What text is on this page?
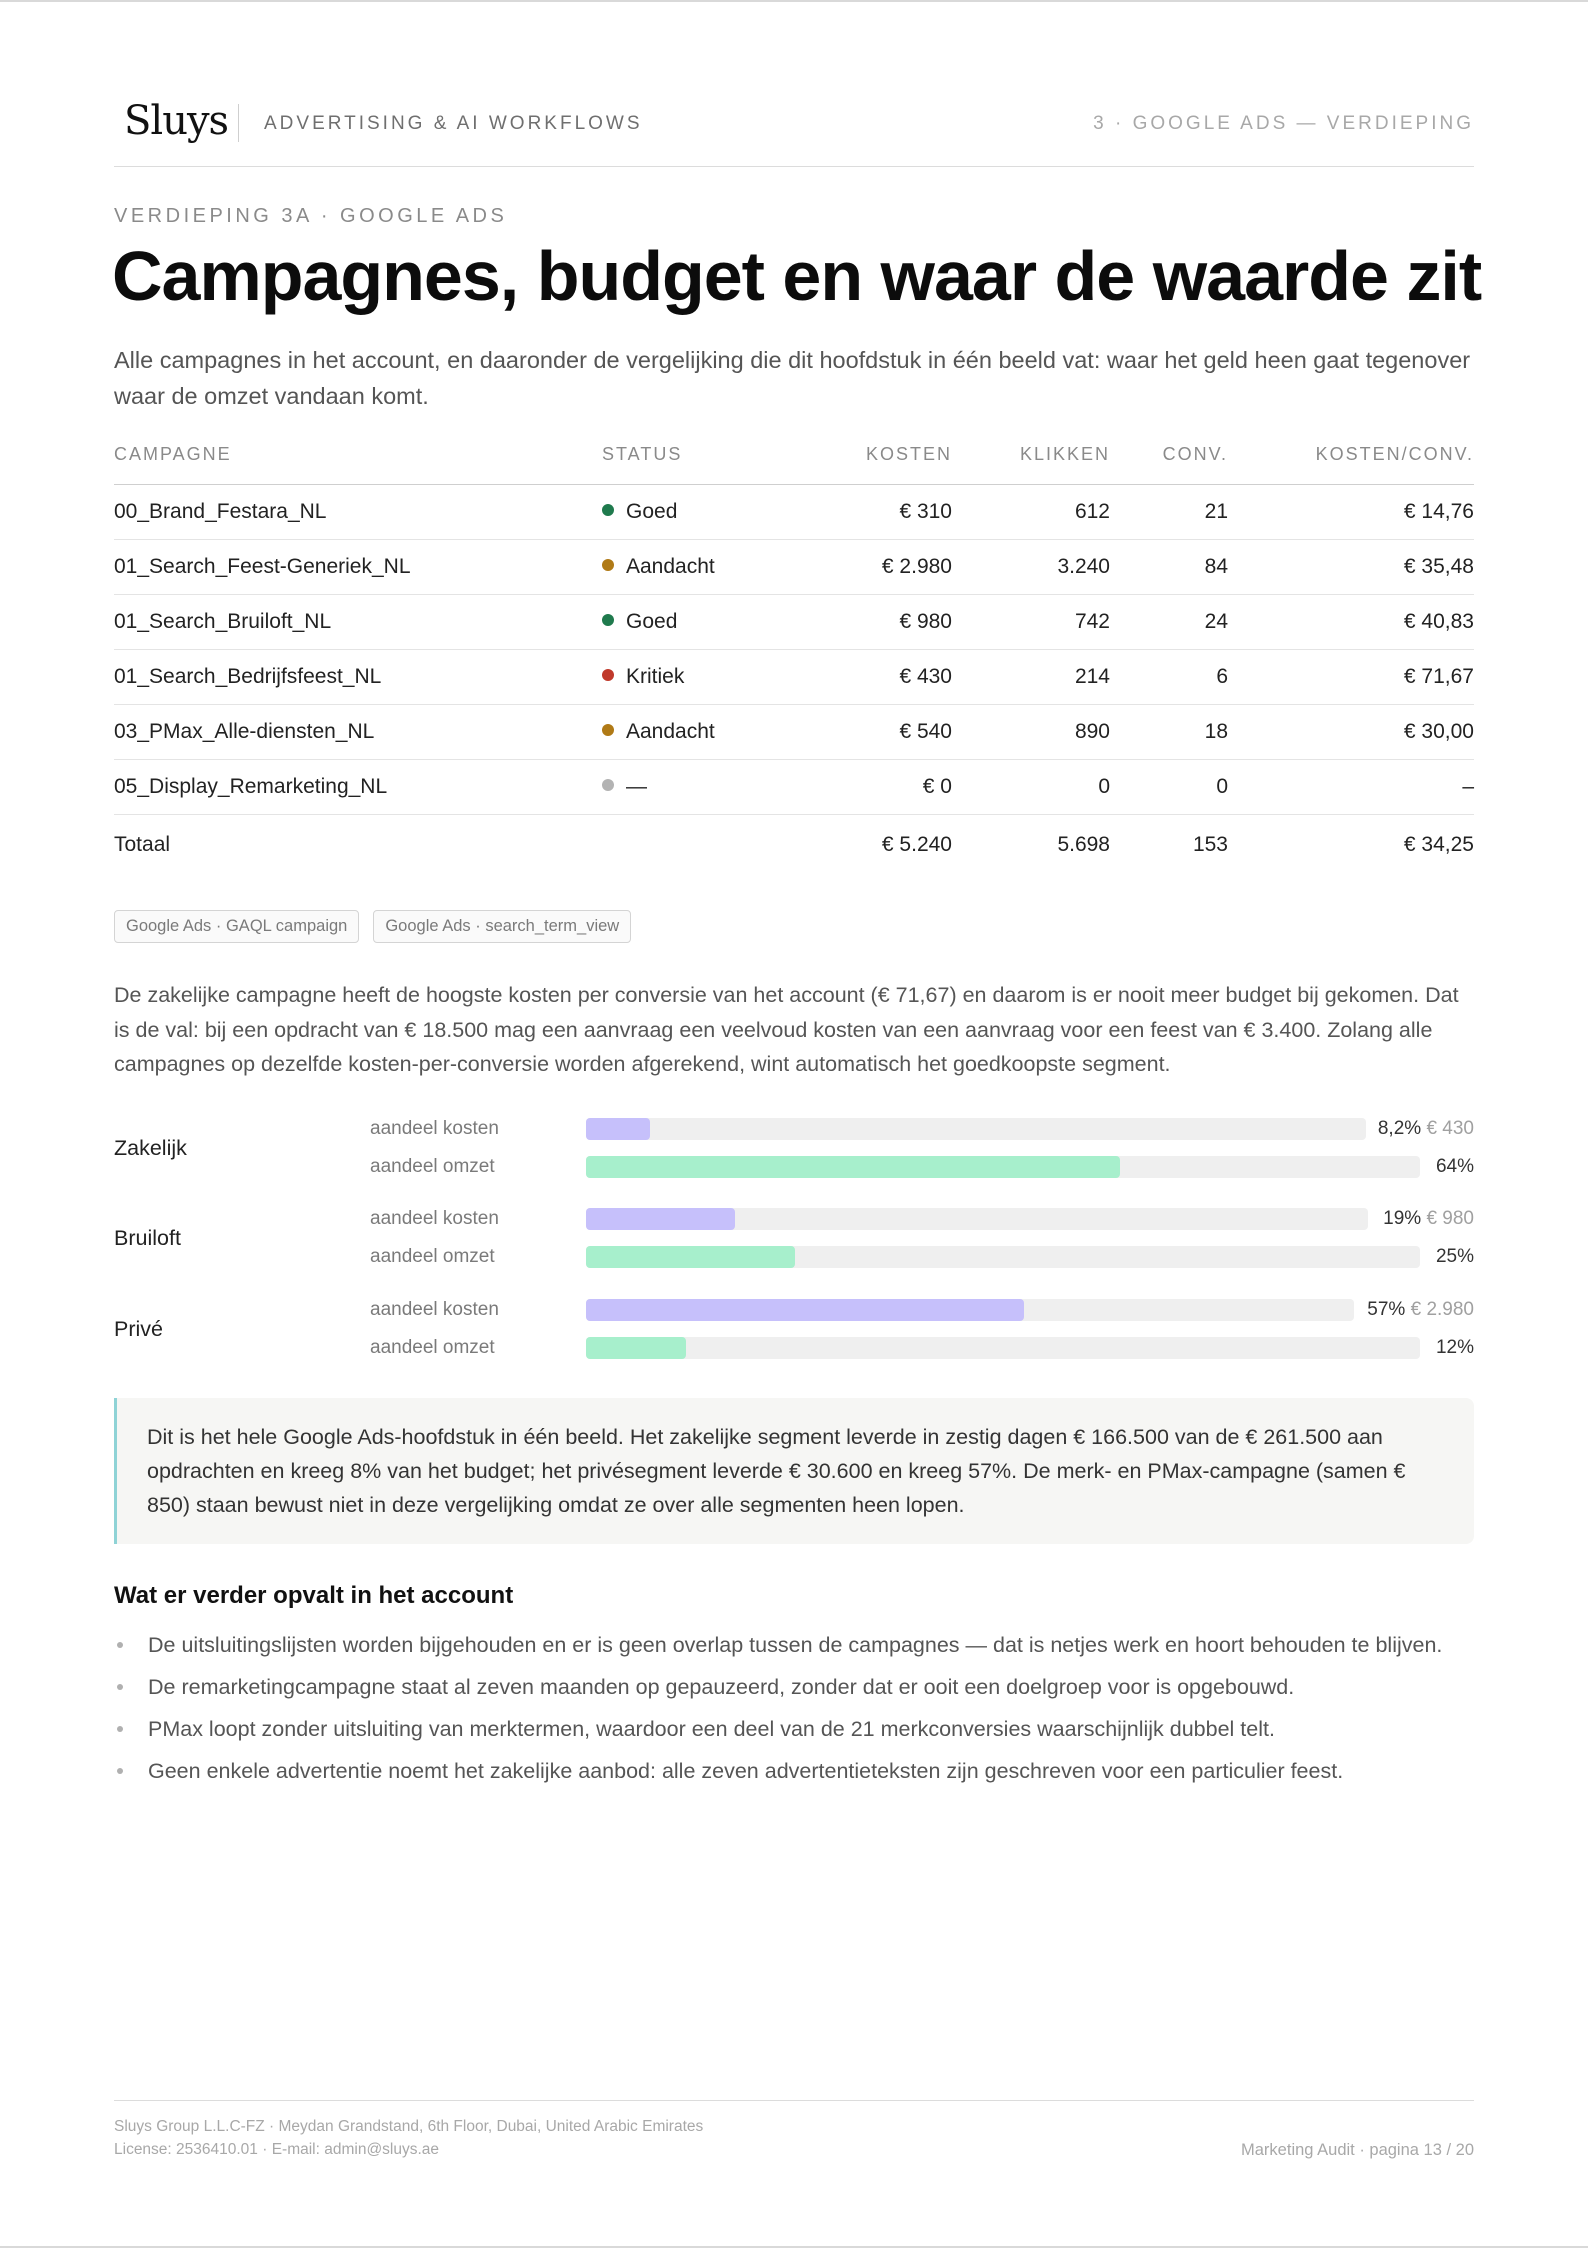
Sluys ADVERTISING & AI WORKFLOWS	3 · GOOGLE ADS — VERDIEPING
VERDIEPING 3A · GOOGLE ADS
Campagnes, budget en waar de waarde zit
Alle campagnes in het account, en daaronder de vergelijking die dit hoofdstuk in één beeld vat: waar het geld heen gaat tegenover waar de omzet vandaan komt.
CAMPAGNE	STATUS	KOSTEN	KLIKKEN	CONV.	KOSTEN/CONV.
00_Brand_Festara_NL	Goed	€ 310	612	21	€ 14,76
01_Search_Feest-Generiek_NL	Aandacht	€ 2.980	3.240	84	€ 35,48
01_Search_Bruiloft_NL	Goed	€ 980	742	24	€ 40,83
01_Search_Bedrijfsfeest_NL	Kritiek	€ 430	214	6	€ 71,67
03_PMax_Alle-diensten_NL	Aandacht	€ 540	890	18	€ 30,00
05_Display_Remarketing_NL	—	€ 0	0	0	–
Totaal		€ 5.240	5.698	153	€ 34,25
Google Ads · GAQL campaign	Google Ads · search_term_view
De zakelijke campagne heeft de hoogste kosten per conversie van het account (€ 71,67) en daarom is er nooit meer budget bij gekomen. Dat is de val: bij een opdracht van € 18.500 mag een aanvraag een veelvoud kosten van een aanvraag voor een feest van € 3.400. Zolang alle campagnes op dezelfde kosten-per-conversie worden afgerekend, wint automatisch het goedkoopste segment.
Zakelijk
aandeel kosten	8,2% € 430
aandeel omzet	64%
Bruiloft
aandeel kosten	19% € 980
aandeel omzet	25%
Privé
aandeel kosten	57% € 2.980
aandeel omzet	12%
Dit is het hele Google Ads-hoofdstuk in één beeld. Het zakelijke segment leverde in zestig dagen € 166.500 van de € 261.500 aan opdrachten en kreeg 8% van het budget; het privésegment leverde € 30.600 en kreeg 57%. De merk- en PMax-campagne (samen € 850) staan bewust niet in deze vergelijking omdat ze over alle segmenten heen lopen.
Wat er verder opvalt in het account
De uitsluitingslijsten worden bijgehouden en er is geen overlap tussen de campagnes — dat is netjes werk en hoort behouden te blijven.
De remarketingcampagne staat al zeven maanden op gepauzeerd, zonder dat er ooit een doelgroep voor is opgebouwd.
PMax loopt zonder uitsluiting van merktermen, waardoor een deel van de 21 merkconversies waarschijnlijk dubbel telt.
Geen enkele advertentie noemt het zakelijke aanbod: alle zeven advertentieteksten zijn geschreven voor een particulier feest.
Sluys Group L.L.C-FZ · Meydan Grandstand, 6th Floor, Dubai, United Arabic Emirates
License: 2536410.01 · E-mail: admin@sluys.ae	Marketing Audit · pagina 13 / 20
